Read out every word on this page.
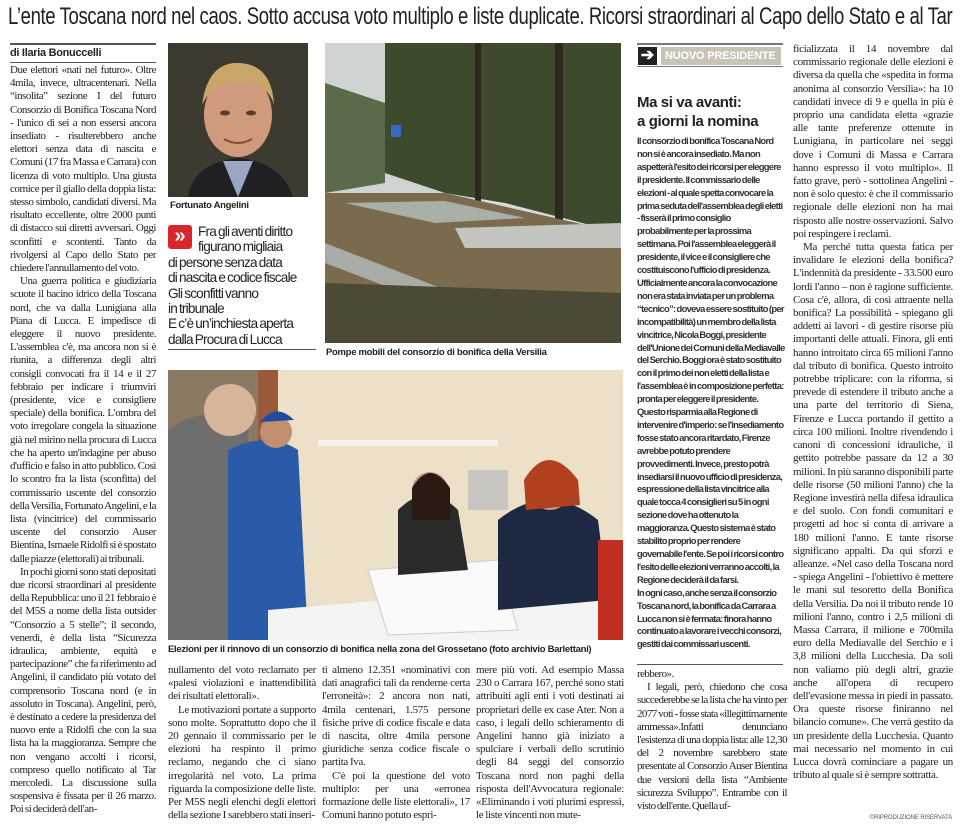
L’ente Toscana nord nel caos. Sotto accusa voto multiplo e liste duplicate. Ricorsi straordinari al Capo dello Stato e al Tar
di Ilaria Bonuccelli

Due elettori «nati nel futuro». Oltre 4mila, invece, ultracentenari. Nella “insolita” sezione I del futuro Consorzio di Bonifica Toscana Nord - l'unico di sei a non essersi ancora insediato - risulterebbero anche elettori senza data di nascita e Comuni (17 fra Massa e Carrara) con licenza di voto multiplo. Una giusta cornice per il giallo della doppia lista: stesso simbolo, candidati diversi. Ma risultato eccellente, oltre 2000 punti di distacco sui diretti avversari. Oggi sconfitti e scontenti. Tanto da rivolgersi al Capo dello Stato per chiedere l'annullamento del voto.

Una guerra politica e giudiziaria scuote il bacino idrico della Toscana nord, che va dalla Lunigiana alla Piana di Lucca. E impedisce di eleggere il nuovo presidente. L'assemblea c'è, ma ancora non si è riunita, a differenza degli altri consigli convocati fra il 14 e il 27 febbraio per indicare i triumviri (presidente, vice e consigliere speciale) della bonifica. L'ombra del voto irregolare congela la situazione già nel mirino nella procura di Lucca che ha aperto un'indagine per abuso d'ufficio e falso in atto pubblico. Così lo scontro fra la lista (sconfitta) del commissario uscente del consorzio della Versilia, Fortunato Angelini, e la lista (vincitrice) del commissario uscente del consorzio Auser Bientina, Ismaele Ridolfi si è spostato dalle piazze (elettorali) ai tribunali.

In pochi giorni sono stati depositati due ricorsi straordinari al presidente della Repubblica: uno il 21 febbraio è del M5S a nome della lista outsider “Consorzio a 5 stelle”; il secondo, venerdì, è della lista “Sicurezza idraulica, ambiente, equità e partecipazione” che fa riferimento ad Angelini, il candidato più votato del comprensorio Toscana nord (e in assoluto in Toscana). Angelini, però, è destinato a cedere la presidenza del nuovo ente a Ridolfi che con la sua lista ha la maggioranza. Sempre che non vengano accolti i ricorsi, compreso quello notificato al Tar mercoledì. La discussione sulla sospensiva è fissata per il 26 marzo. Poi si deciderà dell'an-

Fortunato Angelini
» Fra gli aventi diritto
figurano migliaia
di persone senza data
di nascita e codice fiscale
Gli sconfitti vanno
in tribunale
E c’è un’inchiesta aperta
dalla Procura di Lucca
Pompe mobili del consorzio di bonifica della Versilia
Elezioni per il rinnovo di un consorzio di bonifica nella zona del Grossetano (foto archivio Barlettani)

nullamento del voto reclamato per «palesi violazioni e inattendibilità dei risultati elettorali».

Le motivazioni portate a supporto sono molte. Soprattutto dopo che il 20 gennaio il commissario per le elezioni ha respinto il primo reclamo, negando che ci siano irregolarità nel voto. La prima riguarda la composizione delle liste. Per M5S negli elenchi degli elettori della sezione I sarebbero stati inseri-

ti almeno 12.351 «nominativi con dati anagrafici tali da renderne certa l'erroneità»: 2 ancora non nati, 4mila centenari, 1.575 persone fisiche prive di codice fiscale e data di nascita, oltre 4mila persone giuridiche senza codice fiscale o partita Iva.

C'è poi la questione del voto multiplo: per una «erronea formazione delle liste elettorali», 17 Comuni hanno potuto espri-

mere più voti. Ad esempio Massa 230 o Carrara 167, perché sono stati attribuiti agli enti i voti destinati ai proprietari delle ex case Ater. Non a caso, i legali dello schieramento di Angelini hanno già iniziato a spulciare i verbali dello scrutinio degli 84 seggi del consorzio Toscana nord non paghi della risposta dell'Avvocatura regionale: «Eliminando i voti plurimi espressi, le liste vincenti non mute-

➔ NUOVO PRESIDENTE
Ma si va avanti:
a giorni la nomina

Il consorzio di bonifica Toscana Nord non si è ancora insediato. Ma non aspetterà l'esito dei ricorsi per eleggere il presidente. Il commissario delle elezioni - al quale spetta convocare la prima seduta dell'assemblea degli eletti - fisserà il primo consiglio probabilmente per la prossima settimana. Poi l'assemblea eleggerà il presidente, il vice e il consigliere che costituiscono l'ufficio di presidenza.

Ufficialmente ancora la convocazione non era stata inviata per un problema “tecnico”: doveva essere sostituito (per incompatibilità) un membro della lista vincitrice, Nicola Boggi, presidente dell'Unione dei Comuni della Mediavalle del Serchio. Boggi ora è stato sostituito con il primo dei non eletti della lista e l'assemblea è in composizione perfetta: pronta per eleggere il presidente.

Questo risparmia alla Regione di intervenire d'imperio: se l'insediamento fosse stato ancora ritardato, Firenze avrebbe potuto prendere provvedimenti. Invece, presto potrà insediarsi il nuovo ufficio di presidenza, espressione della lista vincitrice alla quale tocca 4 consiglieri su 5 in ogni sezione dove ha ottenuto la maggioranza. Questo sistema è stato stabilito proprio per rendere governabile l'ente. Se poi i ricorsi contro l'esito delle elezioni verranno accolti, la Regione deciderà il da farsi.

In ogni caso, anche senza il consorzio Toscana nord, la bonifica da Carrara a Lucca non si è fermata: finora hanno continuato a lavorare i vecchi consorzi, gestiti dai commissari uscenti.

rebbero».

I legali, però, chiedono che cosa succederebbe se la lista che ha vinto per 2077 voti - fosse stata «illegittimamente ammessa».Infatti denunciano l'esistenza di una doppia lista: alle 12,30 del 2 novembre sarebbero state presentate al Consorzio Auser Bientina due versioni della lista “Ambiente sicurezza Sviluppo”. Entrambe con il visto dell'ente. Quella uf-

ficializzata il 14 novembre dal commissario regionale delle elezioni è diversa da quella che «spedita in forma anonima al consorzio Versilia»: ha 10 candidati invece di 9 e quella in più è proprio una candidata eletta «grazie alle tante preferenze ottenute in Lunigiana, in particolare nei seggi dove i Comuni di Massa e Carrara hanno espresso il voto multiplo». Il fatto grave, però - sottolinea Angelini - non è solo questo: è che il commissario regionale delle elezioni non ha mai risposto alle nostre osservazioni. Salvo poi respingere i reclami.

Ma perché tutta questa fatica per invalidare le elezioni della bonifica? L'indennità da presidente - 33.500 euro lordi l'anno – non è ragione sufficiente. Cosa c'è, allora, di così attraente nella bonifica? La possibilità - spiegano gli addetti ai lavori - di gestire risorse più importanti delle attuali. Finora, gli enti hanno introitato circa 65 milioni l'anno dal tributo di bonifica. Questo introito potrebbe triplicare: con la riforma, si prevede di estendere il tributo anche a una parte del territorio di Siena, Firenze e Lucca portando il gettito a circa 100 milioni. Inoltre rivendendo i canoni di concessioni idrauliche, il gettito potrebbe passare da 12 a 30 milioni. In più saranno disponibili parte delle risorse (50 milioni l'anno) che la Regione investirà nella difesa idraulica e del suolo. Con fondi comunitari e progetti ad hoc si conta di arrivare a 180 milioni l'anno. E tante risorse significano appalti. Da qui sforzi e alleanze. «Nel caso della Toscana nord - spiega Angelini - l'obiettivo è mettere le mani sul tesoretto della Bonifica della Versilia. Da noi il tributo rende 10 milioni l'anno, contro i 2,5 milioni di Massa Carrara, il milione e 700mila euro della Mediavalle del Serchio e i 3,8 milioni della Lucchesia. Da soli non valiamo più degli altri, grazie anche all'opera di recupero dell'evasione messa in piedi in passato. Ora queste risorse finiranno nel bilancio comune». Che verrà gestito da un presidente della Lucchesia. Quanto mai necessario nel momento in cui Lucca dovrà cominciare a pagare un tributo al quale si è sempre sottratta.

©RIPRODUZIONE RISERVATA
